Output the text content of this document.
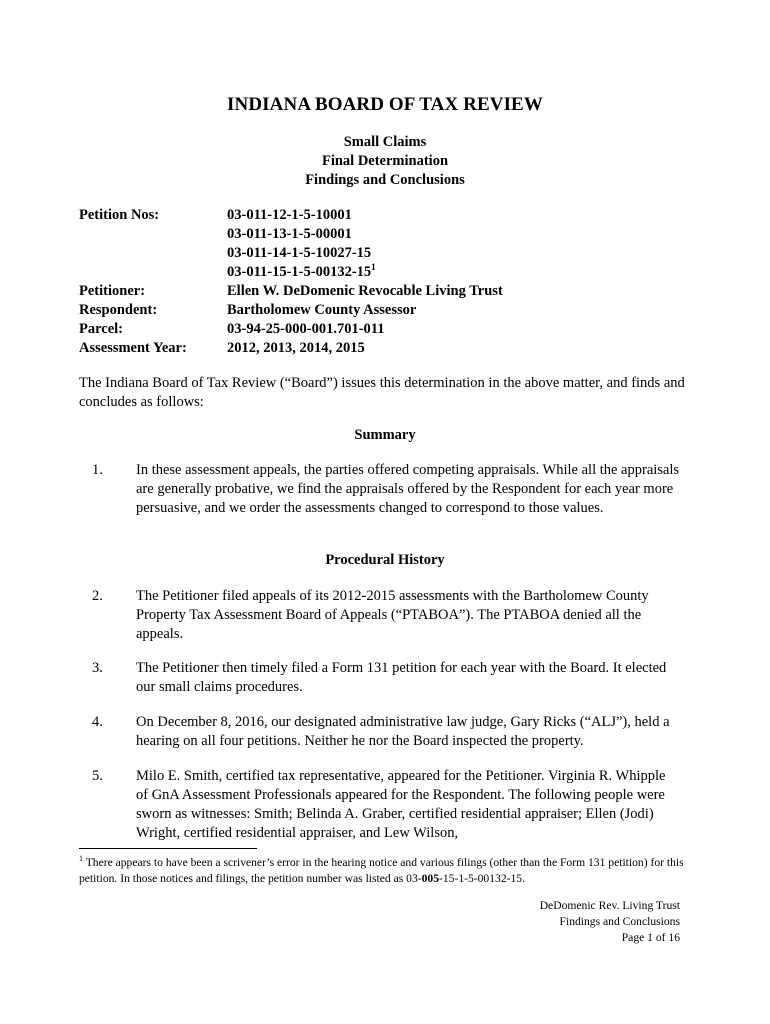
INDIANA BOARD OF TAX REVIEW
Small Claims
Final Determination
Findings and Conclusions
Petition Nos:	03-011-12-1-5-10001
03-011-13-1-5-00001
03-011-14-1-5-10027-15
$03-011-15-1-5-00132-15^1$
Petitioner:	Ellen W. DeDomenic Revocable Living Trust
Respondent:	Bartholomew County Assessor
Parcel:	03-94-25-000-001.701-011
Assessment Year:	2012, 2013, 2014, 2015
The Indiana Board of Tax Review (“Board”) issues this determination in the above matter, and finds and concludes as follows:
Summary
1. In these assessment appeals, the parties offered competing appraisals. While all the appraisals are generally probative, we find the appraisals offered by the Respondent for each year more persuasive, and we order the assessments changed to correspond to those values.
Procedural History
2. The Petitioner filed appeals of its 2012-2015 assessments with the Bartholomew County Property Tax Assessment Board of Appeals (“PTABOA”). The PTABOA denied all the appeals.
3. The Petitioner then timely filed a Form 131 petition for each year with the Board. It elected our small claims procedures.
4. On December 8, 2016, our designated administrative law judge, Gary Ricks (“ALJ”), held a hearing on all four petitions. Neither he nor the Board inspected the property.
5. Milo E. Smith, certified tax representative, appeared for the Petitioner. Virginia R. Whipple of GnA Assessment Professionals appeared for the Respondent. The following people were sworn as witnesses: Smith; Belinda A. Graber, certified residential appraiser; Ellen (Jodi) Wright, certified residential appraiser, and Lew Wilson,
$^1$ There appears to have been a scrivener’s error in the hearing notice and various filings (other than the Form 131 petition) for this petition. In those notices and filings, the petition number was listed as 03-005-15-1-5-00132-15.
DeDomenic Rev. Living Trust
Findings and Conclusions
Page 1 of 16
